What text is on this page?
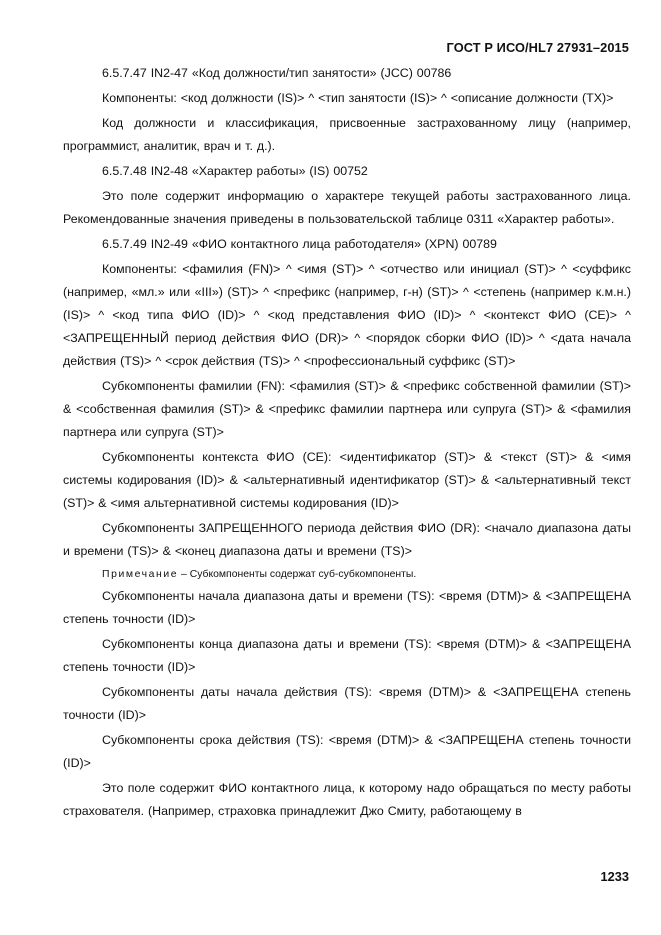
ГОСТ Р ИСО/HL7 27931–2015

6.5.7.47 IN2-47 «Код должности/тип занятости» (JCC) 00786

Компоненты: <код должности (IS)> ^ <тип занятости (IS)> ^ <описание должности (TX)>

Код должности и классификация, присвоенные застрахованному лицу (например, программист, аналитик, врач и т. д.).

6.5.7.48 IN2-48 «Характер работы» (IS) 00752

Это поле содержит информацию о характере текущей работы застрахованного лица. Рекомендованные значения приведены в пользовательской таблице 0311 «Характер работы».

6.5.7.49 IN2-49 «ФИО контактного лица работодателя» (XPN) 00789

Компоненты: <фамилия (FN)> ^ <имя (ST)> ^ <отчество или инициал (ST)> ^ <суффикс (например, «мл.» или «III») (ST)> ^ <префикс (например, г-н) (ST)> ^ <степень (например к.м.н.) (IS)> ^ <код типа ФИО (ID)> ^ <код представления ФИО (ID)> ^ <контекст ФИО (CE)> ^ <ЗАПРЕЩЕННЫЙ период действия ФИО (DR)> ^ <порядок сборки ФИО (ID)> ^ <дата начала действия (TS)> ^ <срок действия (TS)> ^ <профессиональный суффикс (ST)>

Субкомпоненты фамилии (FN): <фамилия (ST)> & <префикс собственной фамилии (ST)> & <собственная фамилия (ST)> & <префикс фамилии партнера или супруга (ST)> & <фамилия партнера или супруга (ST)>

Субкомпоненты контекста ФИО (CE): <идентификатор (ST)> & <текст (ST)> & <имя системы кодирования (ID)> & <альтернативный идентификатор (ST)> & <альтернативный текст (ST)> & <имя альтернативной системы кодирования (ID)>

Субкомпоненты ЗАПРЕЩЕННОГО периода действия ФИО (DR): <начало диапазона даты и времени (TS)> & <конец диапазона даты и времени (TS)>

Примечание – Субкомпоненты содержат суб-субкомпоненты.

Субкомпоненты начала диапазона даты и времени (TS): <время (DTM)> & <ЗАПРЕЩЕНА степень точности (ID)>

Субкомпоненты конца диапазона даты и времени (TS): <время (DTM)> & <ЗАПРЕЩЕНА степень точности (ID)>

Субкомпоненты даты начала действия (TS): <время (DTM)> & <ЗАПРЕЩЕНА степень точности (ID)>

Субкомпоненты срока действия (TS): <время (DTM)> & <ЗАПРЕЩЕНА степень точности (ID)>

Это поле содержит ФИО контактного лица, к которому надо обращаться по месту работы страхователя. (Например, страховка принадлежит Джо Смиту, работающему в

1233
